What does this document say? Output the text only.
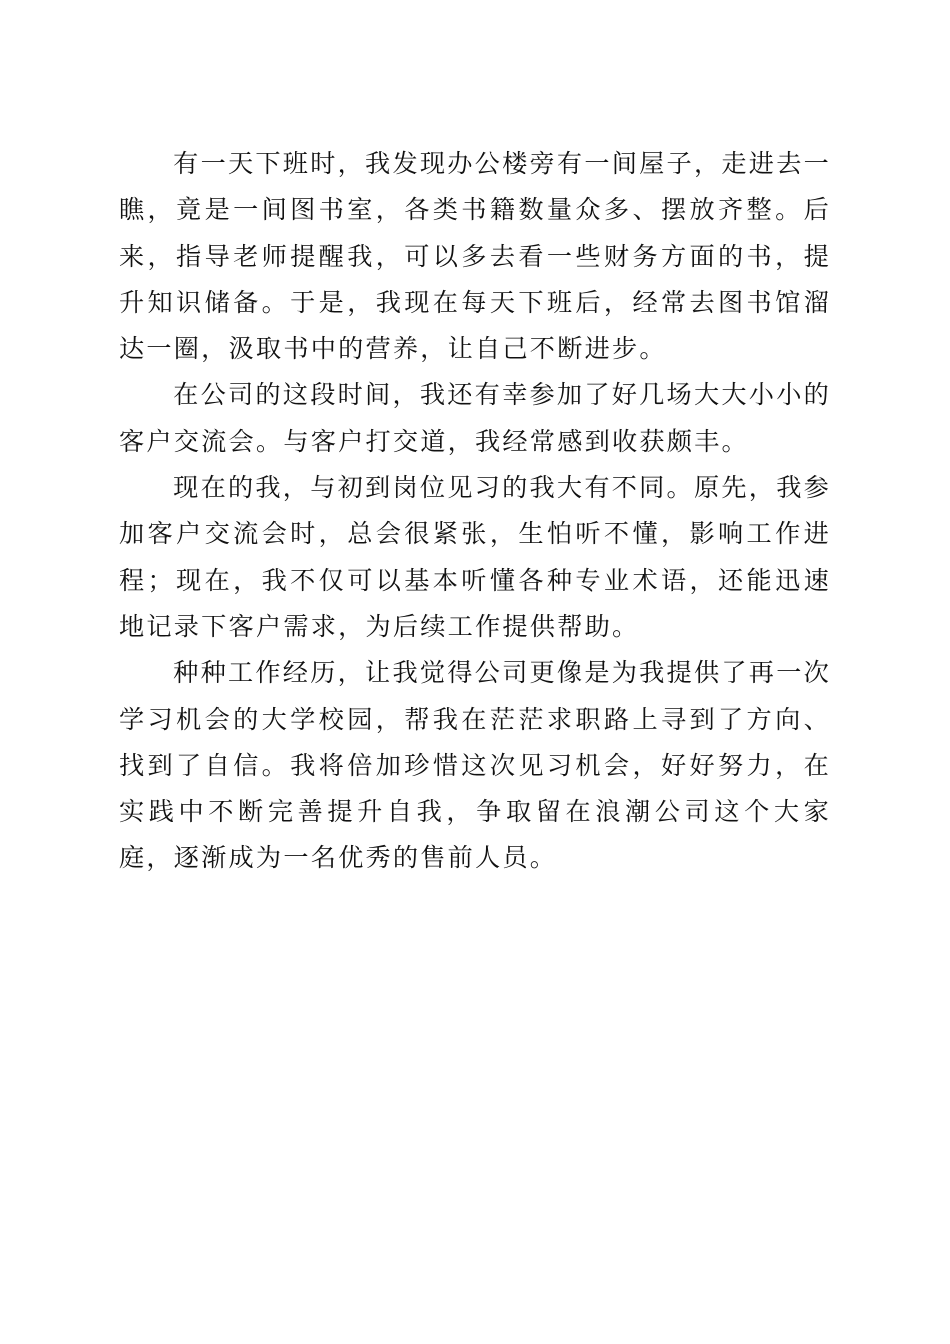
有一天下班时，我发现办公楼旁有一间屋子，走进去一瞧，竟是一间图书室，各类书籍数量众多、摆放齐整。后来，指导老师提醒我，可以多去看一些财务方面的书，提升知识储备。于是，我现在每天下班后，经常去图书馆溜达一圈，汲取书中的营养，让自己不断进步。

在公司的这段时间，我还有幸参加了好几场大大小小的客户交流会。与客户打交道，我经常感到收获颇丰。

现在的我，与初到岗位见习的我大有不同。原先，我参加客户交流会时，总会很紧张，生怕听不懂，影响工作进程；现在，我不仅可以基本听懂各种专业术语，还能迅速地记录下客户需求，为后续工作提供帮助。

种种工作经历，让我觉得公司更像是为我提供了再一次学习机会的大学校园，帮我在茫茫求职路上寻到了方向、找到了自信。我将倍加珍惜这次见习机会，好好努力，在实践中不断完善提升自我，争取留在浪潮公司这个大家庭，逐渐成为一名优秀的售前人员。
